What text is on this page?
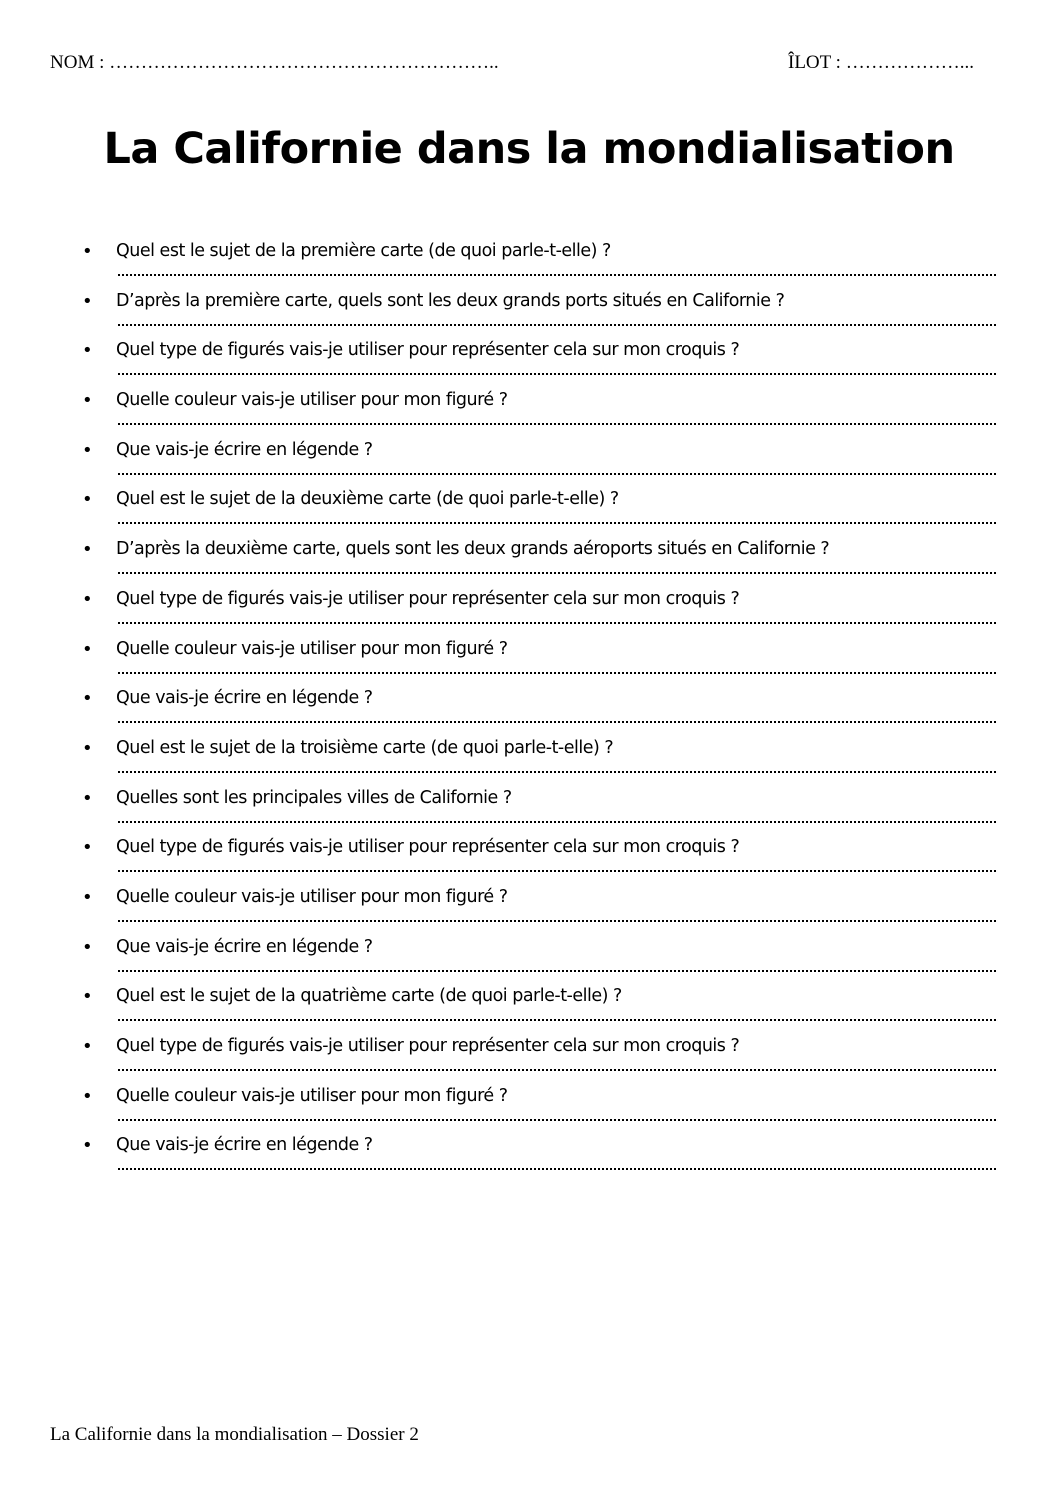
NOM : ……………………………………………………..	ÎLOT : ………………...
La Californie dans la mondialisation
• Quel est le sujet de la première carte (de quoi parle-t-elle) ?
• D’après la première carte, quels sont les deux grands ports situés en Californie ?
• Quel type de figurés vais-je utiliser pour représenter cela sur mon croquis ?
• Quelle couleur vais-je utiliser pour mon figuré ?
• Que vais-je écrire en légende ?
• Quel est le sujet de la deuxième carte (de quoi parle-t-elle) ?
• D’après la deuxième carte, quels sont les deux grands aéroports situés en Californie ?
• Quel type de figurés vais-je utiliser pour représenter cela sur mon croquis ?
• Quelle couleur vais-je utiliser pour mon figuré ?
• Que vais-je écrire en légende ?
• Quel est le sujet de la troisième carte (de quoi parle-t-elle) ?
• Quelles sont les principales villes de Californie ?
• Quel type de figurés vais-je utiliser pour représenter cela sur mon croquis ?
• Quelle couleur vais-je utiliser pour mon figuré ?
• Que vais-je écrire en légende ?
• Quel est le sujet de la quatrième carte (de quoi parle-t-elle) ?
• Quel type de figurés vais-je utiliser pour représenter cela sur mon croquis ?
• Quelle couleur vais-je utiliser pour mon figuré ?
• Que vais-je écrire en légende ?
La Californie dans la mondialisation – Dossier 2
